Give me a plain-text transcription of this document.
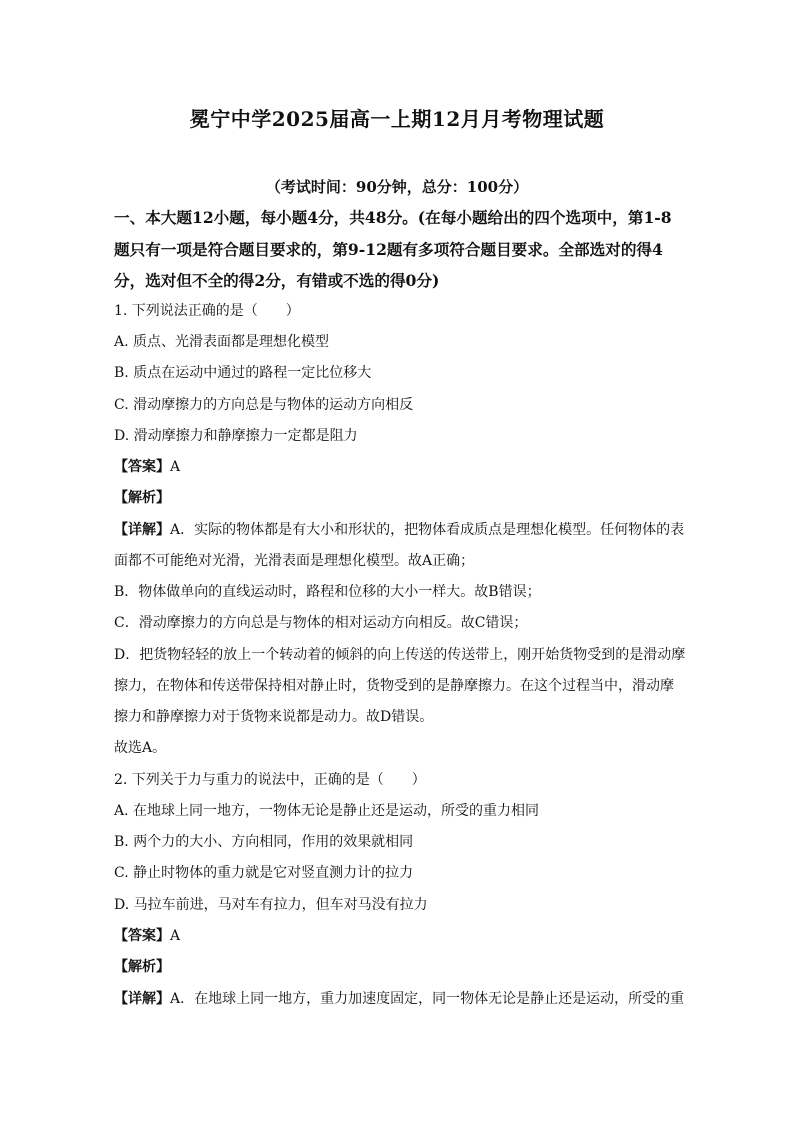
冕宁中学2025届高一上期12月月考物理试题
（考试时间：90分钟，总分：100分）
一、本大题12小题，每小题4分，共48分。(在每小题给出的四个选项中，第1-8
题只有一项是符合题目要求的，第9-12题有多项符合题目要求。全部选对的得4
分，选对但不全的得2分，有错或不选的得0分)
1. 下列说法正确的是（　　）
A. 质点、光滑表面都是理想化模型
B. 质点在运动中通过的路程一定比位移大
C. 滑动摩擦力的方向总是与物体的运动方向相反
D. 滑动摩擦力和静摩擦力一定都是阻力
【答案】A
【解析】
【详解】A．实际的物体都是有大小和形状的，把物体看成质点是理想化模型。任何物体的表
面都不可能绝对光滑，光滑表面是理想化模型。故A正确；
B．物体做单向的直线运动时，路程和位移的大小一样大。故B错误；
C．滑动摩擦力的方向总是与物体的相对运动方向相反。故C错误；
D．把货物轻轻的放上一个转动着的倾斜的向上传送的传送带上，刚开始货物受到的是滑动摩
擦力，在物体和传送带保持相对静止时，货物受到的是静摩擦力。在这个过程当中，滑动摩
擦力和静摩擦力对于货物来说都是动力。故D错误。
故选A。
2. 下列关于力与重力的说法中，正确的是（　　）
A. 在地球上同一地方，一物体无论是静止还是运动，所受的重力相同
B. 两个力的大小、方向相同，作用的效果就相同
C. 静止时物体的重力就是它对竖直测力计的拉力
D. 马拉车前进，马对车有拉力，但车对马没有拉力
【答案】A
【解析】
【详解】A．在地球上同一地方，重力加速度固定，同一物体无论是静止还是运动，所受的重
